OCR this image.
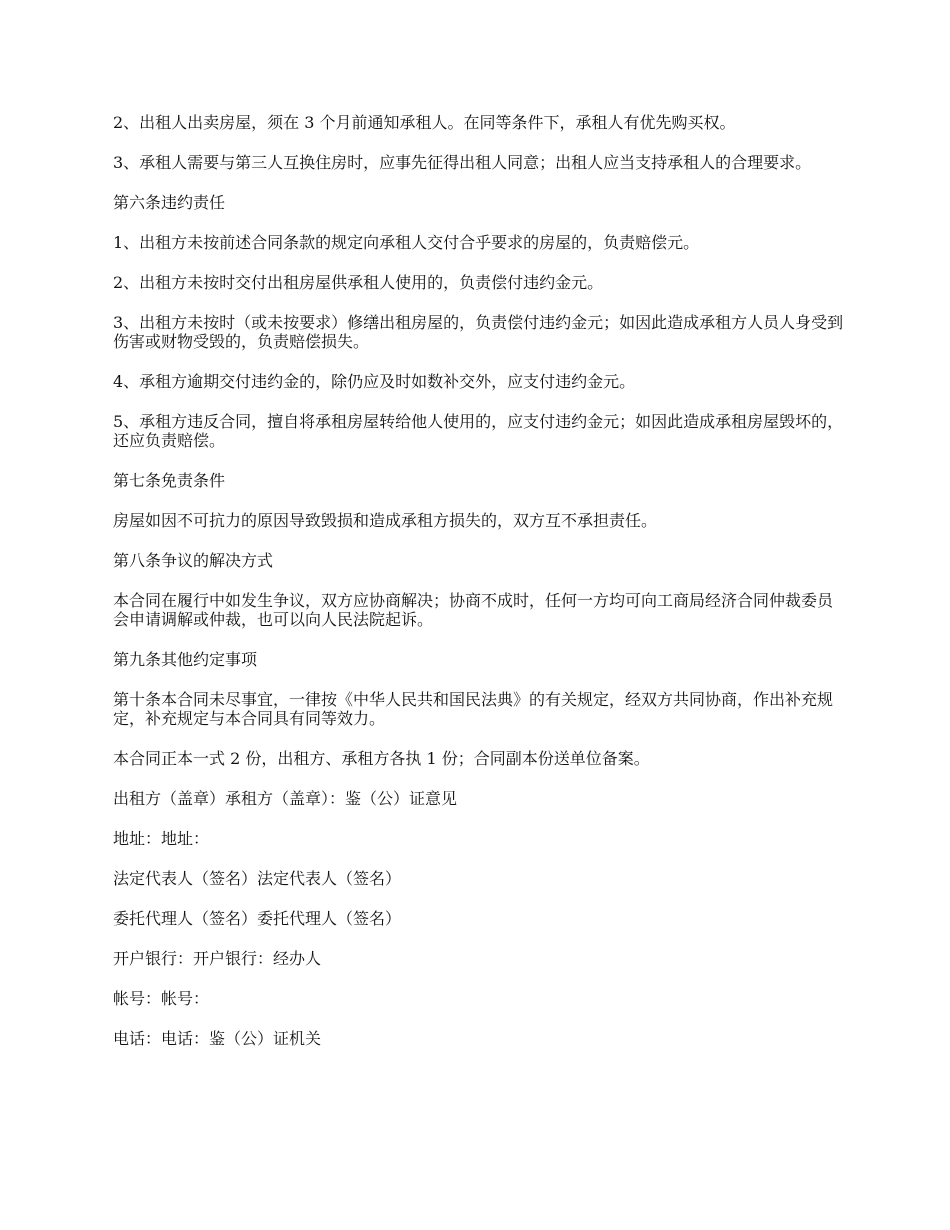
2、出租人出卖房屋，须在 3 个月前通知承租人。在同等条件下，承租人有优先购买权。

3、承租人需要与第三人互换住房时，应事先征得出租人同意；出租人应当支持承租人的合理要求。

第六条违约责任

1、出租方未按前述合同条款的规定向承租人交付合乎要求的房屋的，负责赔偿元。

2、出租方未按时交付出租房屋供承租人使用的，负责偿付违约金元。

3、出租方未按时（或未按要求）修缮出租房屋的，负责偿付违约金元；如因此造成承租方人员人身受到伤害或财物受毁的，负责赔偿损失。

4、承租方逾期交付违约金的，除仍应及时如数补交外，应支付违约金元。

5、承租方违反合同，擅自将承租房屋转给他人使用的，应支付违约金元；如因此造成承租房屋毁坏的，还应负责赔偿。

第七条免责条件

房屋如因不可抗力的原因导致毁损和造成承租方损失的，双方互不承担责任。

第八条争议的解决方式

本合同在履行中如发生争议，双方应协商解决；协商不成时，任何一方均可向工商局经济合同仲裁委员会申请调解或仲裁，也可以向人民法院起诉。

第九条其他约定事项

第十条本合同未尽事宜，一律按《中华人民共和国民法典》的有关规定，经双方共同协商，作出补充规定，补充规定与本合同具有同等效力。

本合同正本一式 2 份，出租方、承租方各执 1 份；合同副本份送单位备案。

出租方（盖章）承租方（盖章）：鉴（公）证意见

地址：地址：

法定代表人（签名）法定代表人（签名）

委托代理人（签名）委托代理人（签名）

开户银行：开户银行：经办人

帐号：帐号：

电话：电话：鉴（公）证机关
